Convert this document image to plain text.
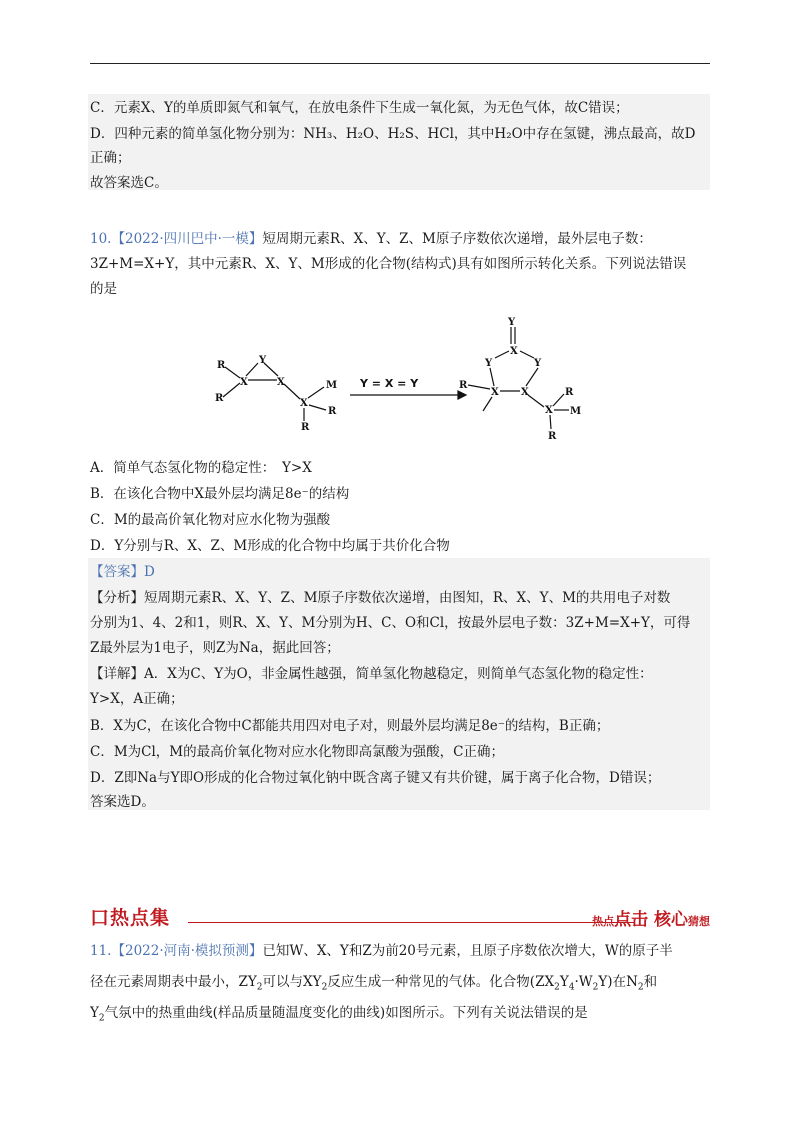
C．元素X、Y的单质即氮气和氧气，在放电条件下生成一氧化氮，为无色气体，故C错误；
D．四种元素的简单氢化物分别为：NH₃、H₂O、H₂S、HCl，其中H₂O中存在氢键，沸点最高，故D
正确；
故答案选C。
10.【2022·四川巴中·一模】短周期元素R、X、Y、Z、M原子序数依次递增，最外层电子数：
3Z+M=X+Y，其中元素R、X、Y、M形成的化合物(结构式)具有如图所示转化关系。下列说法错误
的是
R
R
X
Y
X
X
M
R
R
Y
X
Y	Y
R
X X
X
R
M
R
Y = X = Y
A．简单气态氢化物的稳定性：　Y>X
B．在该化合物中X最外层均满足8e⁻的结构
C．M的最高价氧化物对应水化物为强酸
D．Y分别与R、X、Z、M形成的化合物中均属于共价化合物
【答案】D
【分析】短周期元素R、X、Y、Z、M原子序数依次递增，由图知，R、X、Y、M的共用电子对数
分别为1、4、2和1，则R、X、Y、M分别为H、C、O和Cl，按最外层电子数：3Z+M=X+Y，可得
Z最外层为1电子，则Z为Na，据此回答；
【详解】A．X为C、Y为O，非金属性越强，简单氢化物越稳定，则简单气态氢化物的稳定性：
Y>X，A正确；
B．X为C，在该化合物中C都能共用四对电子对，则最外层均满足8e⁻的结构，B正确；
C．M为Cl，M的最高价氧化物对应水化物即高氯酸为强酸，C正确；
D．Z即Na与Y即O形成的化合物过氧化钠中既含离子键又有共价键，属于离子化合物，D错误；
答案选D。
口热点集	热点点击 核心猜想
11.【2022·河南·模拟预测】已知W、X、Y和Z为前20号元素，且原子序数依次增大，W的原子半
径在元素周期表中最小，$ZY_2$可以与$XY_2$反应生成一种常见的气体。化合物$(ZX_2Y_4\cdot W_2Y)$在$N_2$和
$Y_2$气氛中的热重曲线(样品质量随温度变化的曲线)如图所示。下列有关说法错误的是
